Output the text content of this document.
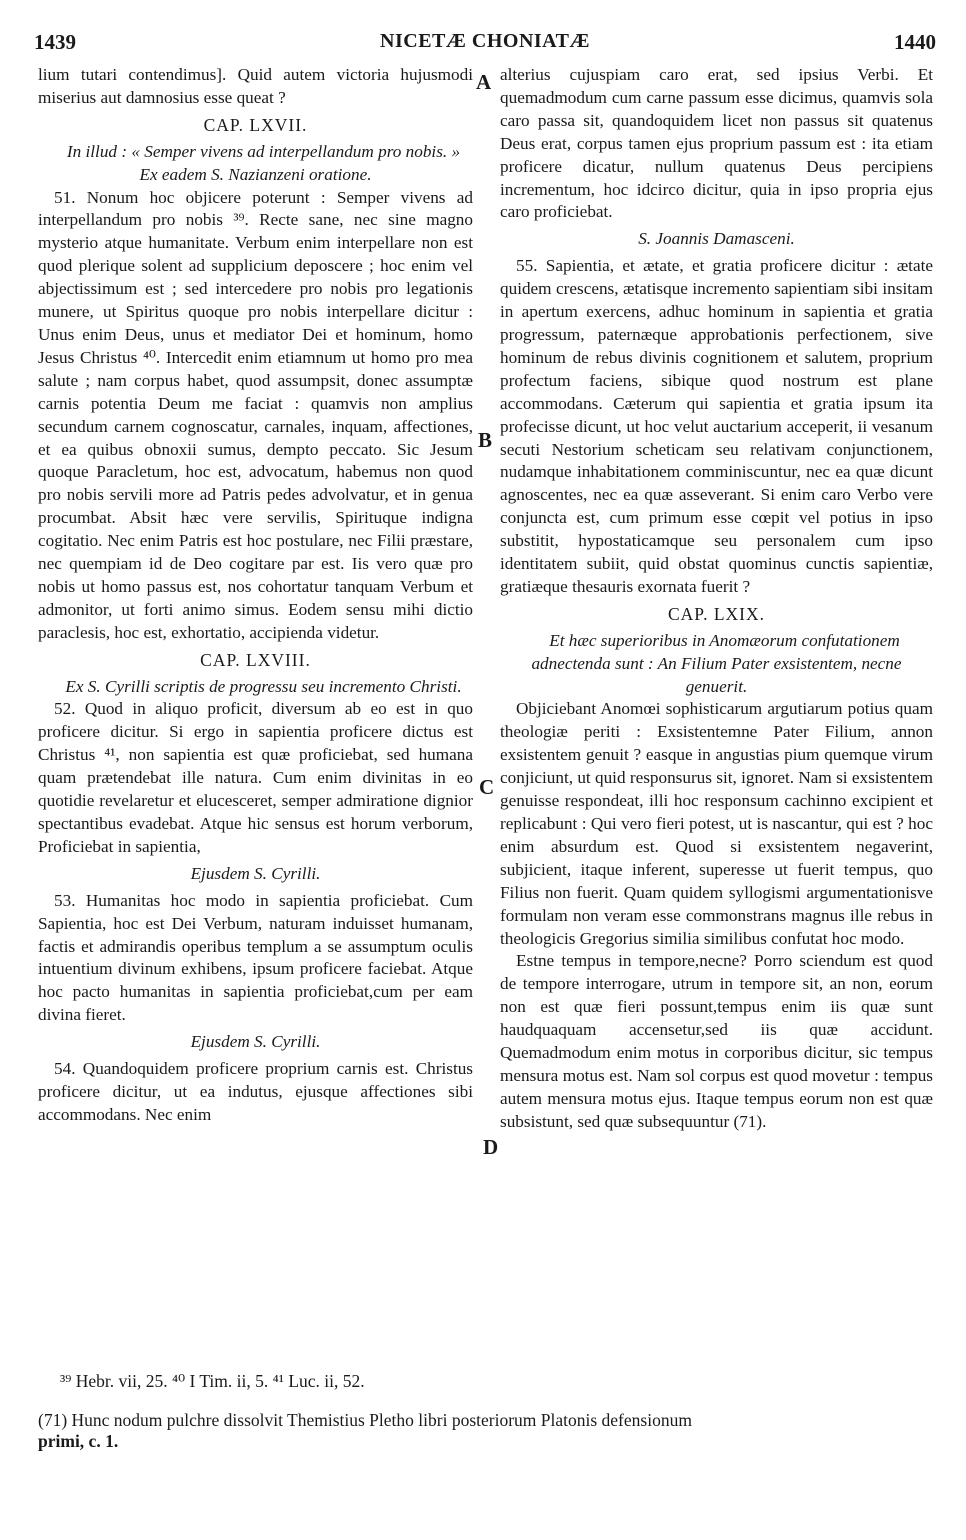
1439	NICETÆ CHONIATÆ	1440
A
B
C
D

lium tutari contendimus]. Quid autem victoria hujusmodi miserius aut damnosius esse queat ?

CAP. LXVII.

In illud : « Semper vivens ad interpellandum pro nobis. » Ex eadem S. Nazianzeni oratione.

51. Nonum hoc objicere poterunt : Semper vivens ad interpellandum pro nobis ³⁹. Recte sane, nec sine magno mysterio atque humanitate. Verbum enim interpellare non est quod plerique solent ad supplicium deposcere ; hoc enim vel abjectissimum est ; sed intercedere pro nobis pro legationis munere, ut Spiritus quoque pro nobis interpellare dicitur : Unus enim Deus, unus et mediator Dei et hominum, homo Jesus Christus ⁴⁰. Intercedit enim etiamnum ut homo pro mea salute ; nam corpus habet, quod assumpsit, donec assumptæ carnis potentia Deum me faciat : quamvis non amplius secundum carnem cognoscatur, carnales, inquam, affectiones, et ea quibus obnoxii sumus, dempto peccato. Sic Jesum quoque Paracletum, hoc est, advocatum, habemus non quod pro nobis servili more ad Patris pedes advolvatur, et in genua procumbat. Absit hæc vere servilis, Spirituque indigna cogitatio. Nec enim Patris est hoc postulare, nec Filii præstare, nec quempiam id de Deo cogitare par est. Iis vero quæ pro nobis ut homo passus est, nos cohortatur tanquam Verbum et admonitor, ut forti animo simus. Eodem sensu mihi dictio paraclesis, hoc est, exhortatio, accipienda videtur.

CAP. LXVIII.

Ex S. Cyrilli scriptis de progressu seu incremento Christi.

52. Quod in aliquo proficit, diversum ab eo est in quo proficere dicitur. Si ergo in sapientia proficere dictus est Christus ⁴¹, non sapientia est quæ proficiebat, sed humana quam prætendebat ille natura. Cum enim divinitas in eo quotidie revelaretur et elucesceret, semper admiratione dignior spectantibus evadebat. Atque hic sensus est horum verborum, Proficiebat in sapientia,

Ejusdem S. Cyrilli.

53. Humanitas hoc modo in sapientia proficiebat. Cum Sapientia, hoc est Dei Verbum, naturam induisset humanam, factis et admirandis operibus templum a se assumptum oculis intuentium divinum exhibens, ipsum proficere faciebat. Atque hoc pacto humanitas in sapientia proficiebat,cum per eam divina fieret.

Ejusdem S. Cyrilli.

54. Quandoquidem proficere proprium carnis est. Christus proficere dicitur, ut ea indutus, ejusque affectiones sibi accommodans. Nec enim

alterius cujuspiam caro erat, sed ipsius Verbi. Et quemadmodum cum carne passum esse dicimus, quamvis sola caro passa sit, quandoquidem licet non passus sit quatenus Deus erat, corpus tamen ejus proprium passum est : ita etiam proficere dicatur, nullum quatenus Deus percipiens incrementum, hoc idcirco dicitur, quia in ipso propria ejus caro proficiebat.

S. Joannis Damasceni.

55. Sapientia, et ætate, et gratia proficere dicitur : ætate quidem crescens, ætatisque incremento sapientiam sibi insitam in apertum exercens, adhuc hominum in sapientia et gratia progressum, paternæque approbationis perfectionem, sive hominum de rebus divinis cognitionem et salutem, proprium profectum faciens, sibique quod nostrum est plane accommodans. Cæterum qui sapientia et gratia ipsum ita profecisse dicunt, ut hoc velut auctarium acceperit, ii vesanum secuti Nestorium scheticam seu relativam conjunctionem, nudamque inhabitationem comminiscuntur, nec ea quæ dicunt agnoscentes, nec ea quæ asseverant. Si enim caro Verbo vere conjuncta est, cum primum esse cœpit vel potius in ipso substitit, hypostaticamque seu personalem cum ipso identitatem subiit, quid obstat quominus cunctis sapientiæ, gratiæque thesauris exornata fuerit ?

CAP. LXIX.

Et hæc superioribus in Anomæorum confutationem adnectenda sunt : An Filium Pater exsistentem, necne genuerit.

Objiciebant Anomœi sophisticarum argutiarum potius quam theologiæ periti : Exsistentemne Pater Filium, annon exsistentem genuit ? easque in angustias pium quemque virum conjiciunt, ut quid responsurus sit, ignoret. Nam si exsistentem genuisse respondeat, illi hoc responsum cachinno excipient et replicabunt : Qui vero fieri potest, ut is nascantur, qui est ? hoc enim absurdum est. Quod si exsistentem negaverint, subjicient, itaque inferent, superesse ut fuerit tempus, quo Filius non fuerit. Quam quidem syllogismi argumentationisve formulam non veram esse commonstrans magnus ille rebus in theologicis Gregorius similia similibus confutat hoc modo.

Estne tempus in tempore,necne? Porro sciendum est quod de tempore interrogare, utrum in tempore sit, an non, eorum non est quæ fieri possunt,tempus enim iis quæ sunt haudquaquam accensetur,sed iis quæ accidunt. Quemadmodum enim motus in corporibus dicitur, sic tempus mensura motus est. Nam sol corpus est quod movetur : tempus autem mensura motus ejus. Itaque tempus eorum non est quæ subsistunt, sed quæ subsequuntur (71).

³⁹ Hebr. vii, 25. ⁴⁰ I Tim. ii, 5. ⁴¹ Luc. ii, 52.
(71) Hunc nodum pulchre dissolvit Themistius Pletho libri posteriorum Platonis defensionum
primi, c. 1.
